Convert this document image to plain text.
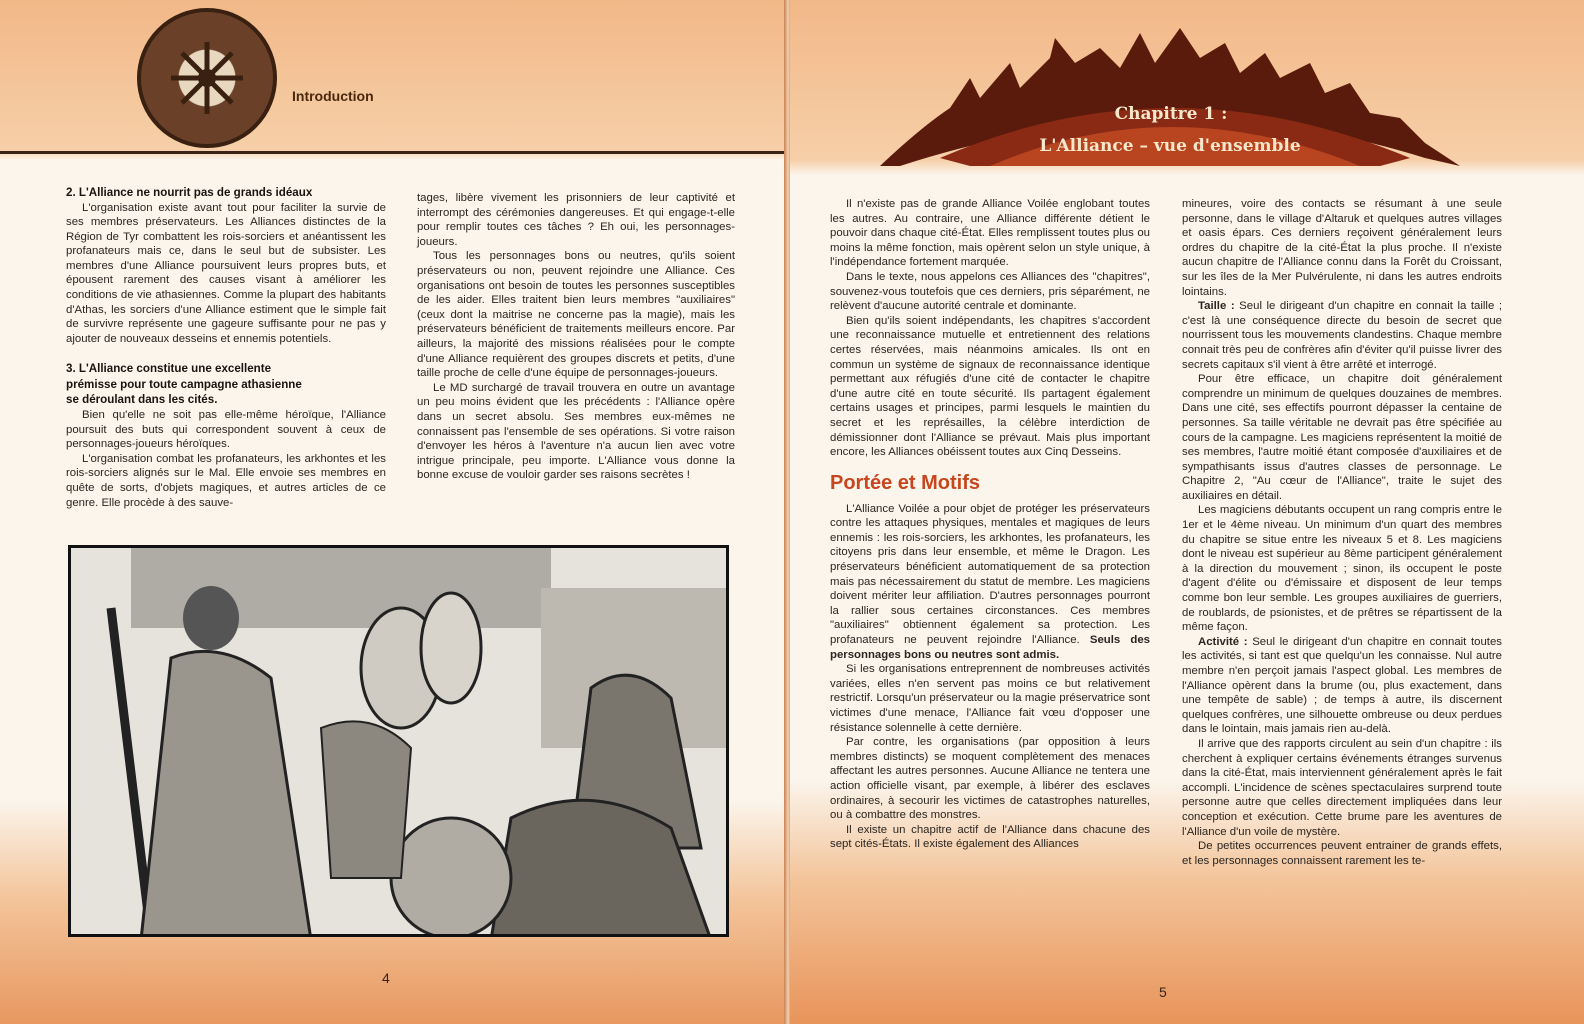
Introduction
2. L'Alliance ne nourrit pas de grands idéaux

L'organisation existe avant tout pour faciliter la survie de ses membres préservateurs. Les Alliances distinctes de la Région de Tyr combattent les rois-sorciers et anéantissent les profanateurs mais ce, dans le seul but de subsister. Les membres d'une Alliance poursuivent leurs propres buts, et épousent rarement des causes visant à améliorer les conditions de vie athasiennes. Comme la plupart des habitants d'Athas, les sorciers d'une Alliance estiment que le simple fait de survivre représente une gageure suffisante pour ne pas y ajouter de nouveaux desseins et ennemis potentiels.

3. L'Alliance constitue une excellente
prémisse pour toute campagne athasienne
se déroulant dans les cités.

Bien qu'elle ne soit pas elle-même héroïque, l'Alliance poursuit des buts qui correspondent souvent à ceux de personnages-joueurs héroïques.

L'organisation combat les profanateurs, les arkhontes et les rois-sorciers alignés sur le Mal. Elle envoie ses membres en quête de sorts, d'objets magiques, et autres articles de ce genre. Elle procède à des sauve-

tages, libère vivement les prisonniers de leur captivité et interrompt des cérémonies dangereuses. Et qui engage-t-elle pour remplir toutes ces tâches ? Eh oui, les personnages-joueurs.

Tous les personnages bons ou neutres, qu'ils soient préservateurs ou non, peuvent rejoindre une Alliance. Ces organisations ont besoin de toutes les personnes susceptibles de les aider. Elles traitent bien leurs membres "auxiliaires" (ceux dont la maitrise ne concerne pas la magie), mais les préservateurs bénéficient de traitements meilleurs encore. Par ailleurs, la majorité des missions réalisées pour le compte d'une Alliance requièrent des groupes discrets et petits, d'une taille proche de celle d'une équipe de personnages-joueurs.

Le MD surchargé de travail trouvera en outre un avantage un peu moins évident que les précédents : l'Alliance opère dans un secret absolu. Ses membres eux-mêmes ne connaissent pas l'ensemble de ses opérations. Si votre raison d'envoyer les héros à l'aventure n'a aucun lien avec votre intrigue principale, peu importe. L'Alliance vous donne la bonne excuse de vouloir garder ses raisons secrètes !

4
Chapitre 1 :
L'Alliance – vue d'ensemble

Il n'existe pas de grande Alliance Voilée englobant toutes les autres. Au contraire, une Alliance différente détient le pouvoir dans chaque cité-État. Elles remplissent toutes plus ou moins la même fonction, mais opèrent selon un style unique, à l'indépendance fortement marquée.

Dans le texte, nous appelons ces Alliances des "chapitres", souvenez-vous toutefois que ces derniers, pris séparément, ne relèvent d'aucune autorité centrale et dominante.

Bien qu'ils soient indépendants, les chapitres s'accordent une reconnaissance mutuelle et entretiennent des relations certes réservées, mais néanmoins amicales. Ils ont en commun un système de signaux de reconnaissance identique permettant aux réfugiés d'une cité de contacter le chapitre d'une autre cité en toute sécurité. Ils partagent également certains usages et principes, parmi lesquels le maintien du secret et les représailles, la célèbre interdiction de démissionner dont l'Alliance se prévaut. Mais plus important encore, les Alliances obéissent toutes aux Cinq Desseins.

Portée et Motifs

L'Alliance Voilée a pour objet de protéger les préservateurs contre les attaques physiques, mentales et magiques de leurs ennemis : les rois-sorciers, les arkhontes, les profanateurs, les citoyens pris dans leur ensemble, et même le Dragon. Les préservateurs bénéficient automatiquement de sa protection mais pas nécessairement du statut de membre. Les magiciens doivent mériter leur affiliation. D'autres personnages pourront la rallier sous certaines circonstances. Ces membres "auxiliaires" obtiennent également sa protection. Les profanateurs ne peuvent rejoindre l'Alliance. Seuls des personnages bons ou neutres sont admis.

Si les organisations entreprennent de nombreuses activités variées, elles n'en servent pas moins ce but relativement restrictif. Lorsqu'un préservateur ou la magie préservatrice sont victimes d'une menace, l'Alliance fait vœu d'opposer une résistance solennelle à cette dernière.

Par contre, les organisations (par opposition à leurs membres distincts) se moquent complètement des menaces affectant les autres personnes. Aucune Alliance ne tentera une action officielle visant, par exemple, à libérer des esclaves ordinaires, à secourir les victimes de catastrophes naturelles, ou à combattre des monstres.

Il existe un chapitre actif de l'Alliance dans chacune des sept cités-États. Il existe également des Alliances

mineures, voire des contacts se résumant à une seule personne, dans le village d'Altaruk et quelques autres villages et oasis épars. Ces derniers reçoivent généralement leurs ordres du chapitre de la cité-État la plus proche. Il n'existe aucun chapitre de l'Alliance connu dans la Forêt du Croissant, sur les îles de la Mer Pulvérulente, ni dans les autres endroits lointains.

Taille : Seul le dirigeant d'un chapitre en connait la taille ; c'est là une conséquence directe du besoin de secret que nourrissent tous les mouvements clandestins. Chaque membre connait très peu de confrères afin d'éviter qu'il puisse livrer des secrets capitaux s'il vient à être arrêté et interrogé.

Pour être efficace, un chapitre doit généralement comprendre un minimum de quelques douzaines de membres. Dans une cité, ses effectifs pourront dépasser la centaine de personnes. Sa taille véritable ne devrait pas être spécifiée au cours de la campagne. Les magiciens représentent la moitié de ses membres, l'autre moitié étant composée d'auxiliaires et de sympathisants issus d'autres classes de personnage. Le Chapitre 2, "Au cœur de l'Alliance", traite le sujet des auxiliaires en détail.

Les magiciens débutants occupent un rang compris entre le 1er et le 4ème niveau. Un minimum d'un quart des membres du chapitre se situe entre les niveaux 5 et 8. Les magiciens dont le niveau est supérieur au 8ème participent généralement à la direction du mouvement ; sinon, ils occupent le poste d'agent d'élite ou d'émissaire et disposent de leur temps comme bon leur semble. Les groupes auxiliaires de guerriers, de roublards, de psionistes, et de prêtres se répartissent de la même façon.

Activité : Seul le dirigeant d'un chapitre en connait toutes les activités, si tant est que quelqu'un les connaisse. Nul autre membre n'en perçoit jamais l'aspect global. Les membres de l'Alliance opèrent dans la brume (ou, plus exactement, dans une tempête de sable) ; de temps à autre, ils discernent quelques confrères, une silhouette ombreuse ou deux perdues dans le lointain, mais jamais rien au-delà.

Il arrive que des rapports circulent au sein d'un chapitre : ils cherchent à expliquer certains événements étranges survenus dans la cité-État, mais interviennent généralement après le fait accompli. L'incidence de scènes spectaculaires surprend toute personne autre que celles directement impliquées dans leur conception et exécution. Cette brume pare les aventures de l'Alliance d'un voile de mystère.

De petites occurrences peuvent entrainer de grands effets, et les personnages connaissent rarement les te-

5
